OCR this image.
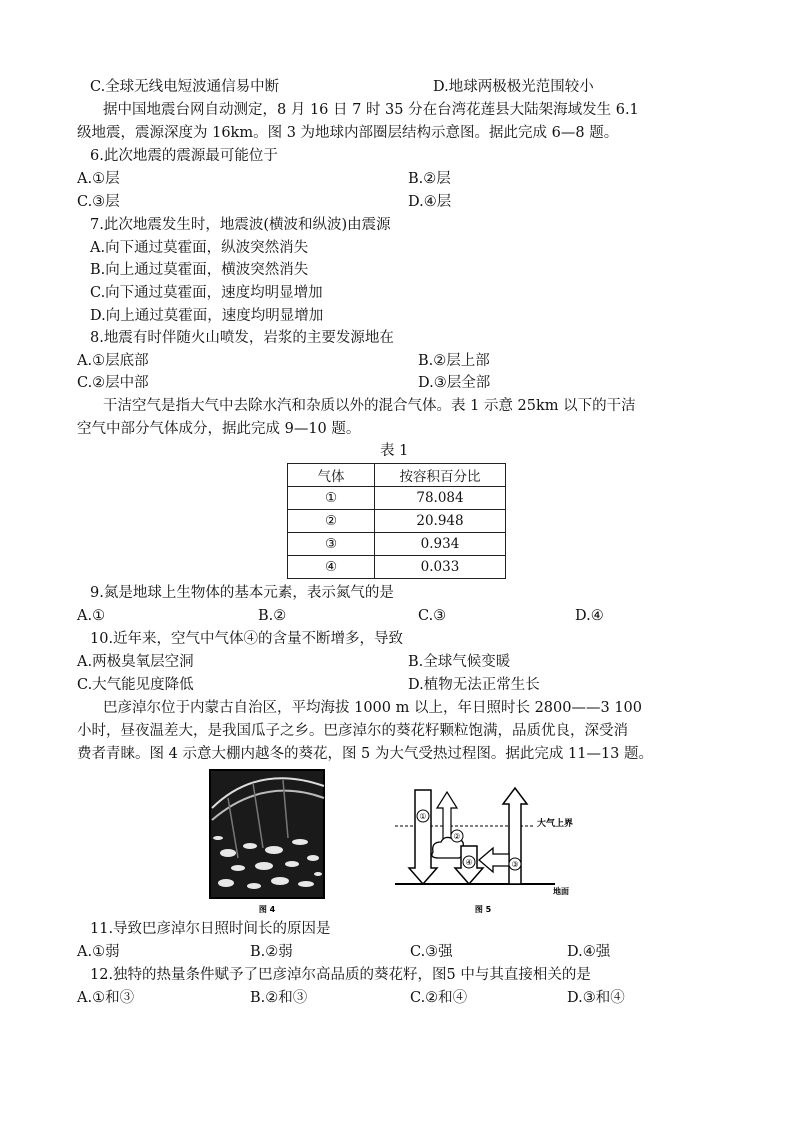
C.全球无线电短波通信易中断	D.地球两极极光范围较小
据中国地震台网自动测定，8 月 16 日 7 时 35 分在台湾花莲县大陆架海域发生 6.1
级地震，震源深度为 16km。图 3 为地球内部圈层结构示意图。据此完成 6—8 题。
6.此次地震的震源最可能位于
A.①层	B.②层
C.③层	D.④层
7.此次地震发生时，地震波(横波和纵波)由震源
A.向下通过莫霍面，纵波突然消失
B.向上通过莫霍面，横波突然消失
C.向下通过莫霍面，速度均明显增加
D.向上通过莫霍面，速度均明显增加
8.地震有时伴随火山喷发，岩浆的主要发源地在
A.①层底部	B.②层上部
C.②层中部	D.③层全部
干洁空气是指大气中去除水汽和杂质以外的混合气体。表 1 示意 25km 以下的干洁
空气中部分气体成分，据此完成 9—10 题。
表 1
气体	按容积百分比
①	78.084
②	20.948
③	0.934
④	0.033
9.氮是地球上生物体的基本元素，表示氮气的是
A.①	B.②	C.③	D.④
10.近年来，空气中气体④的含量不断增多，导致
A.两极臭氧层空洞	B.全球气候变暖
C.大气能见度降低	D.植物无法正常生长
巴彦淖尔位于内蒙古自治区，平均海拔 1000 m 以上，年日照时长 2800——3 100
小时，昼夜温差大，是我国瓜子之乡。巴彦淖尔的葵花籽颗粒饱满，品质优良，深受消
费者青睐。图 4 示意大棚内越冬的葵花，图 5 为大气受热过程图。据此完成 11—13 题。
图 4
大气上界
地面
①
②
④	③
图 5
11.导致巴彦淖尔日照时间长的原因是
A.①弱	B.②弱	C.③强	D.④强
12.独特的热量条件赋予了巴彦淖尔高品质的葵花籽，图5 中与其直接相关的是
A.①和③	B.②和③	C.②和④	D.③和④
